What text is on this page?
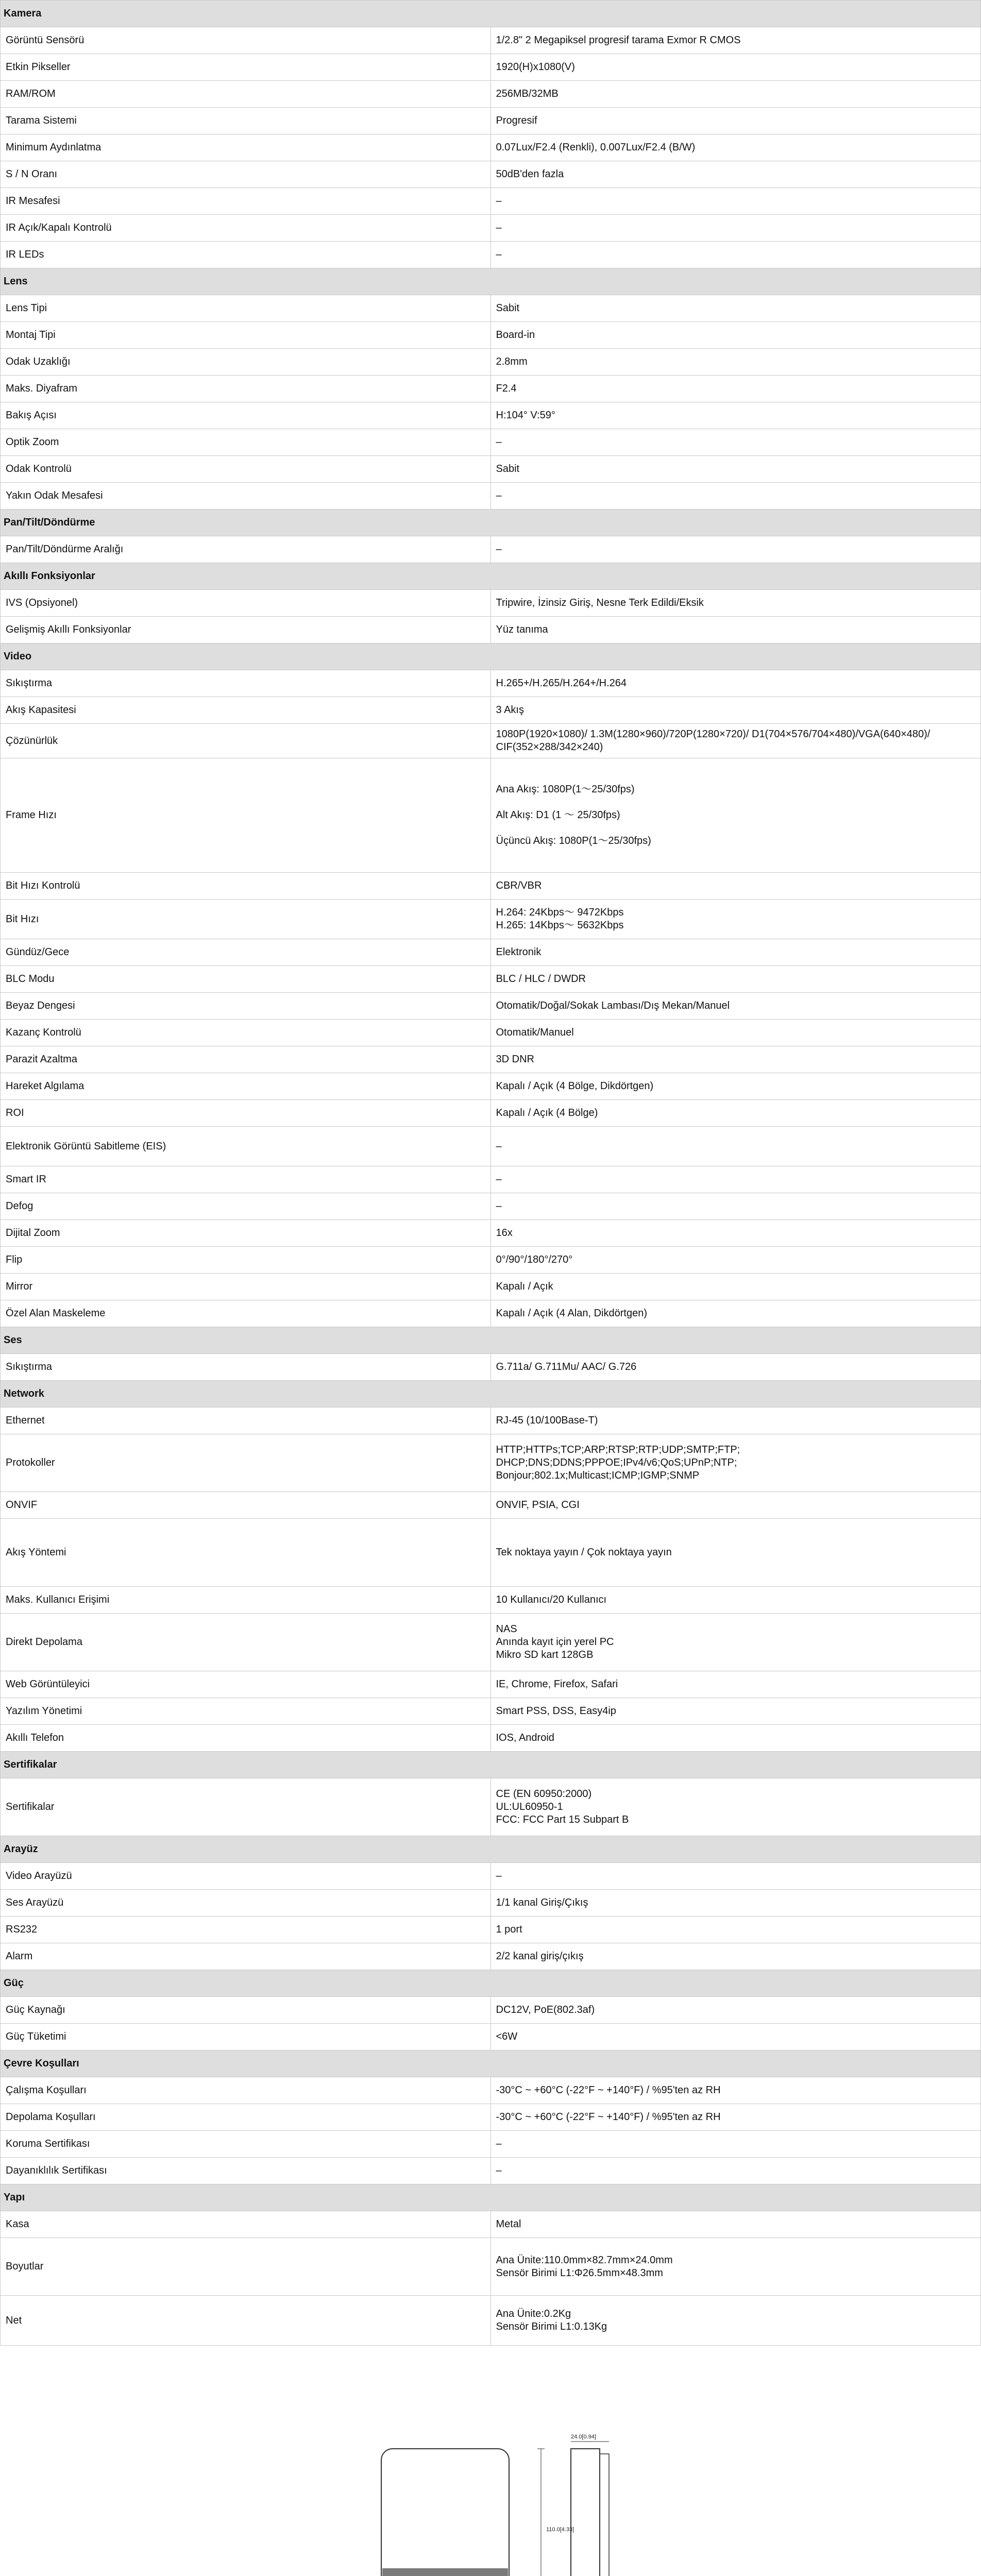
Kamera	
Görüntü Sensörü	1/2.8" 2 Megapiksel progresif tarama Exmor R CMOS
Etkin Pikseller	1920(H)x1080(V)
RAM/ROM	256MB/32MB
Tarama Sistemi	Progresif
Minimum Aydınlatma	0.07Lux/F2.4 (Renkli), 0.007Lux/F2.4 (B/W)
S / N Oranı	50dB'den fazla
IR Mesafesi	–
IR Açık/Kapalı Kontrolü	–
IR LEDs	–
Lens	
Lens Tipi	Sabit
Montaj Tipi	Board-in
Odak Uzaklığı	2.8mm
Maks. Diyafram	F2.4
Bakış Açısı	H:104° V:59°
Optik Zoom	–
Odak Kontrolü	Sabit
Yakın Odak Mesafesi	–
Pan/Tilt/Döndürme	
Pan/Tilt/Döndürme Aralığı	–
Akıllı Fonksiyonlar	
IVS (Opsiyonel)	Tripwire, İzinsiz Giriş, Nesne Terk Edildi/Eksik
Gelişmiş Akıllı Fonksiyonlar	Yüz tanıma
Video	
Sıkıştırma	H.265+/H.265/H.264+/H.264
Akış Kapasitesi	3 Akış
Çözünürlük	1080P(1920×1080)/ 1.3M(1280×960)/720P(1280×720)/ D1(704×576/704×480)/VGA(640×480)/ CIF(352×288/342×240)
Frame Hızı	Ana Akış: 1080P(1～25/30fps)

Alt Akış: D1 (1 ～ 25/30fps)

Üçüncü Akış: 1080P(1～25/30fps)
Bit Hızı Kontrolü	CBR/VBR
Bit Hızı	H.264: 24Kbps～ 9472Kbps
H.265: 14Kbps～ 5632Kbps
Gündüz/Gece	Elektronik
BLC Modu	BLC / HLC / DWDR
Beyaz Dengesi	Otomatik/Doğal/Sokak Lambası/Dış Mekan/Manuel
Kazanç Kontrolü	Otomatik/Manuel
Parazit Azaltma	3D DNR
Hareket Algılama	Kapalı / Açık (4 Bölge, Dikdörtgen)
ROI	Kapalı / Açık (4 Bölge)
Elektronik Görüntü Sabitleme (EIS)	–
Smart IR	–
Defog	–
Dijital Zoom	16x
Flip	0°/90°/180°/270°
Mirror	Kapalı / Açık
Özel Alan Maskeleme	Kapalı / Açık (4 Alan, Dikdörtgen)
Ses	
Sıkıştırma	G.711a/ G.711Mu/ AAC/ G.726
Network	
Ethernet	RJ-45 (10/100Base-T)
Protokoller	HTTP;HTTPs;TCP;ARP;RTSP;RTP;UDP;SMTP;FTP;
DHCP;DNS;DDNS;PPPOE;IPv4/v6;QoS;UPnP;NTP;
Bonjour;802.1x;Multicast;ICMP;IGMP;SNMP
ONVIF	ONVIF, PSIA, CGI
Akış Yöntemi	Tek noktaya yayın / Çok noktaya yayın
Maks. Kullanıcı Erişimi	10 Kullanıcı/20 Kullanıcı
Direkt Depolama	NAS
Anında kayıt için yerel PC
Mikro SD kart 128GB
Web Görüntüleyici	IE, Chrome, Firefox, Safari
Yazılım Yönetimi	Smart PSS, DSS, Easy4ip
Akıllı Telefon	IOS, Android
Sertifikalar	
Sertifikalar	CE (EN 60950:2000)
UL:UL60950-1
FCC: FCC Part 15 Subpart B
Arayüz	
Video Arayüzü	–
Ses Arayüzü	1/1 kanal Giriş/Çıkış
RS232	1 port
Alarm	2/2 kanal giriş/çıkış
Güç	
Güç Kaynağı	DC12V, PoE(802.3af)
Güç Tüketimi	<6W
Çevre Koşulları	
Çalışma Koşulları	-30°C ~ +60°C (-22°F ~ +140°F) / %95'ten az RH
Depolama Koşulları	-30°C ~ +60°C (-22°F ~ +140°F) / %95'ten az RH
Koruma Sertifikası	–
Dayanıklılık Sertifikası	–
Yapı	
Kasa	Metal
Boyutlar	Ana Ünite:110.0mm×82.7mm×24.0mm
Sensör Birimi L1:Φ26.5mm×48.3mm
Net	Ana Ünite:0.2Kg
Sensör Birimi L1:0.13Kg
110.0[4.33]
24.0[0.94]
